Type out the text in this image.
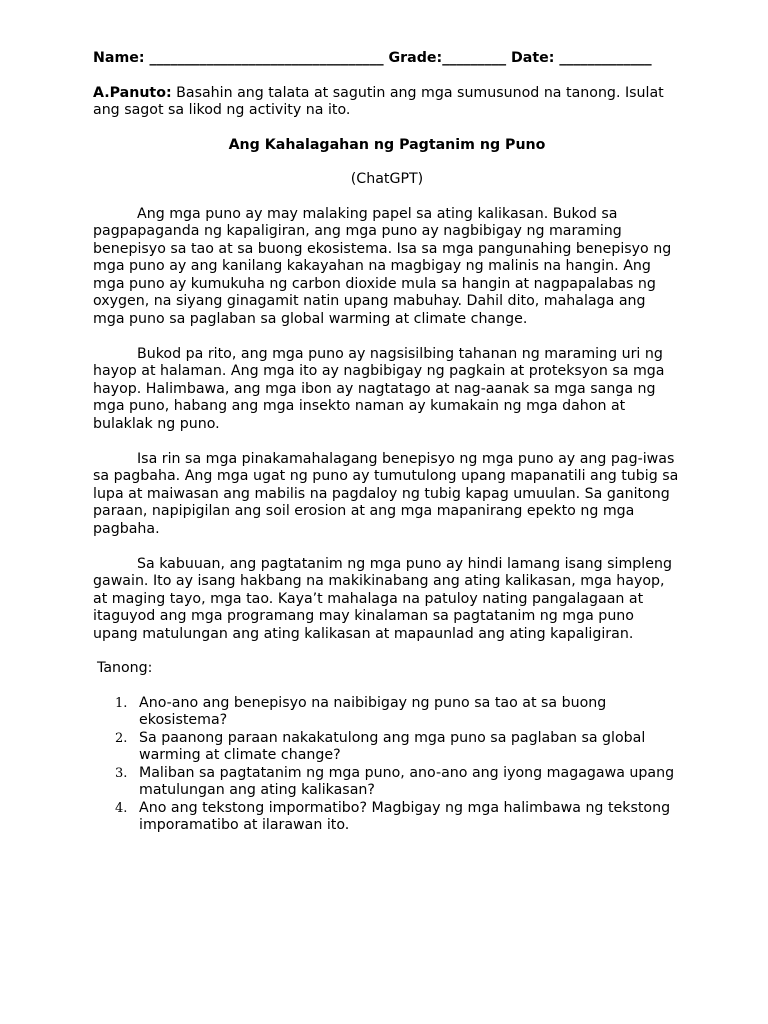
Name: _________________________________ Grade:_________ Date: _____________

A.Panuto: Basahin ang talata at sagutin ang mga sumusunod na tanong. Isulat ang sagot sa likod ng activity na ito.

Ang Kahalagahan ng Pagtanim ng Puno

(ChatGPT)

Ang mga puno ay may malaking papel sa ating kalikasan. Bukod sa pagpapaganda ng kapaligiran, ang mga puno ay nagbibigay ng maraming benepisyo sa tao at sa buong ekosistema. Isa sa mga pangunahing benepisyo ng mga puno ay ang kanilang kakayahan na magbigay ng malinis na hangin. Ang mga puno ay kumukuha ng carbon dioxide mula sa hangin at nagpapalabas ng oxygen, na siyang ginagamit natin upang mabuhay. Dahil dito, mahalaga ang mga puno sa paglaban sa global warming at climate change.

Bukod pa rito, ang mga puno ay nagsisilbing tahanan ng maraming uri ng hayop at halaman. Ang mga ito ay nagbibigay ng pagkain at proteksyon sa mga hayop. Halimbawa, ang mga ibon ay nagtatago at nag-aanak sa mga sanga ng mga puno, habang ang mga insekto naman ay kumakain ng mga dahon at bulaklak ng puno.

Isa rin sa mga pinakamahalagang benepisyo ng mga puno ay ang pag-iwas sa pagbaha. Ang mga ugat ng puno ay tumutulong upang mapanatili ang tubig sa lupa at maiwasan ang mabilis na pagdaloy ng tubig kapag umuulan. Sa ganitong paraan, napipigilan ang soil erosion at ang mga mapanirang epekto ng mga pagbaha.

Sa kabuuan, ang pagtatanim ng mga puno ay hindi lamang isang simpleng gawain. Ito ay isang hakbang na makikinabang ang ating kalikasan, mga hayop, at maging tayo, mga tao. Kaya’t mahalaga na patuloy nating pangalagaan at itaguyod ang mga programang may kinalaman sa pagtatanim ng mga puno upang matulungan ang ating kalikasan at mapaunlad ang ating kapaligiran.

Tanong:

1. Ano-ano ang benepisyo na naibibigay ng puno sa tao at sa buong ekosistema?
2. Sa paanong paraan nakakatulong ang mga puno sa paglaban sa global warming at climate change?
3. Maliban sa pagtatanim ng mga puno, ano-ano ang iyong magagawa upang matulungan ang ating kalikasan?
4. Ano ang tekstong impormatibo? Magbigay ng mga halimbawa ng tekstong imporamatibo at ilarawan ito.
